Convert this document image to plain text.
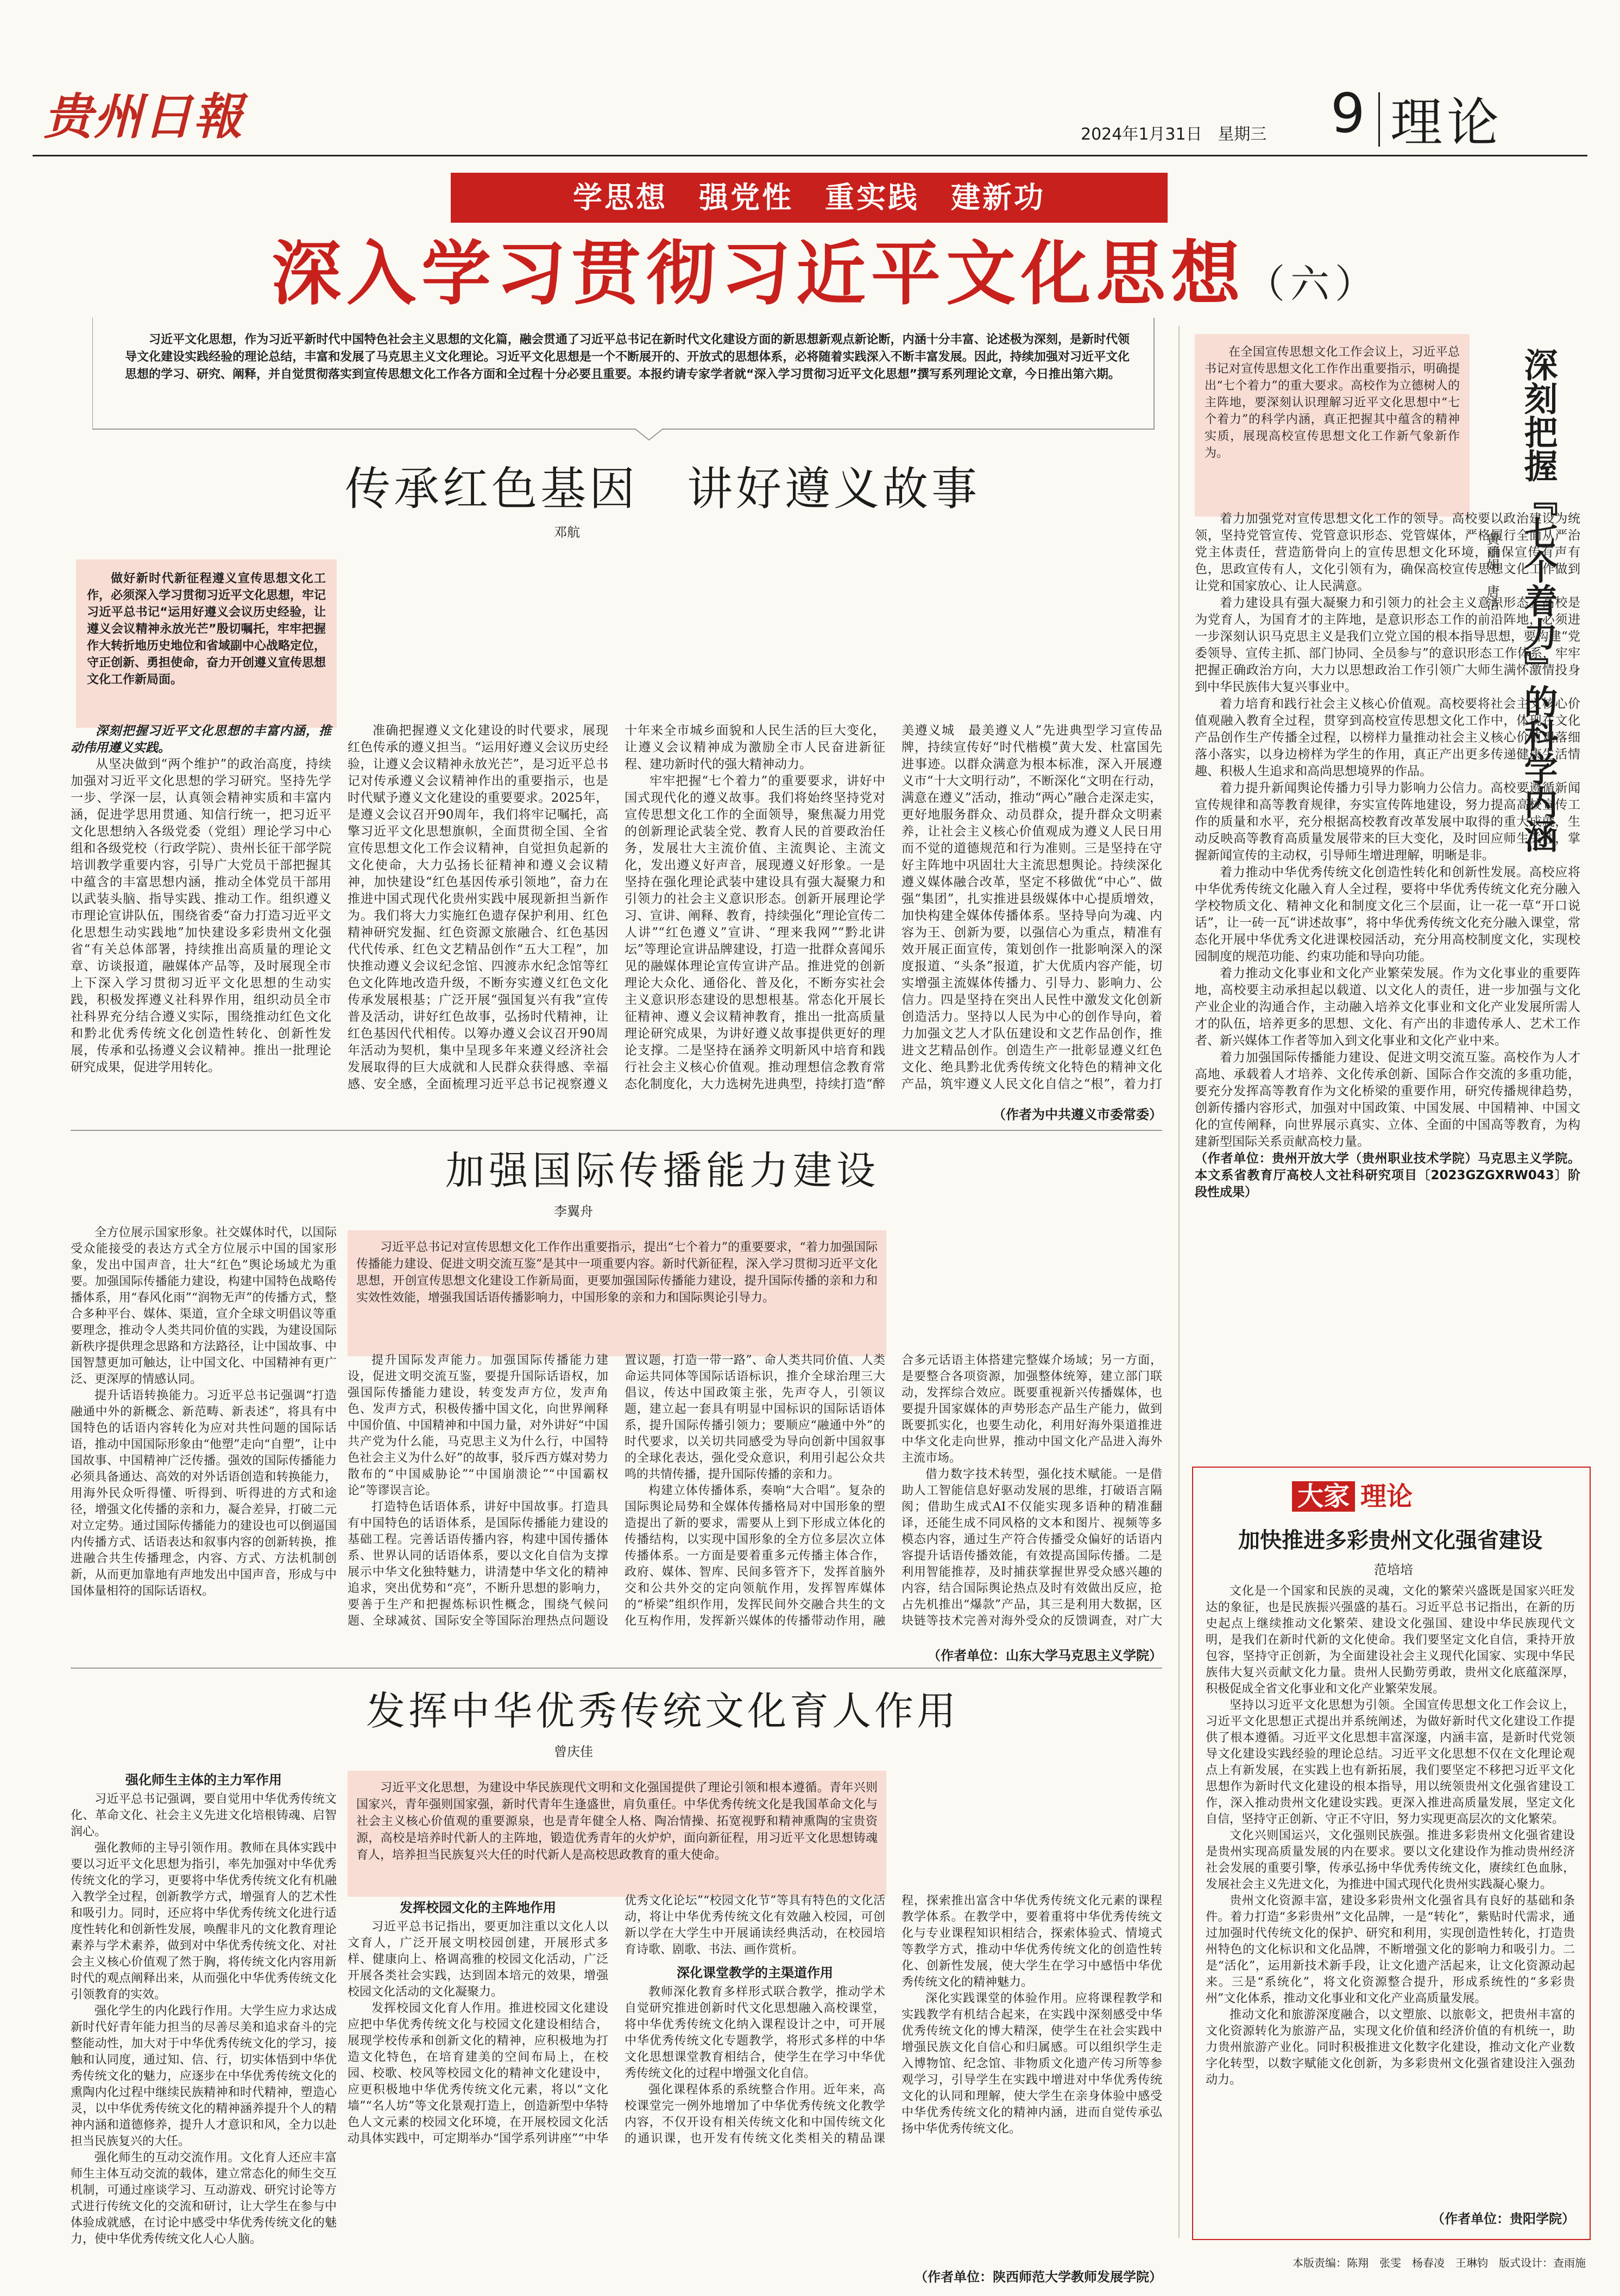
贵州日報	2024年1月31日 星期三 9 理论
学思想　强党性　重实践　建新功
深入学习贯彻习近平文化思想（六）

习近平文化思想，作为习近平新时代中国特色社会主义思想的文化篇，融会贯通了习近平总书记在新时代文化建设方面的新思想新观点新论断，内涵十分丰富、论述极为深刻，是新时代领导文化建设实践经验的理论总结，丰富和发展了马克思主义文化理论。习近平文化思想是一个不断展开的、开放式的思想体系，必将随着实践深入不断丰富发展。因此，持续加强对习近平文化思想的学习、研究、阐释，并自觉贯彻落实到宣传思想文化工作各方面和全过程十分必要且重要。本报约请专家学者就“深入学习贯彻习近平文化思想”撰写系列理论文章，今日推出第六期。

传承红色基因　讲好遵义故事
邓航

做好新时代新征程遵义宣传思想文化工作，必须深入学习贯彻习近平文化思想，牢记习近平总书记“运用好遵义会议历史经验，让遵义会议精神永放光芒”殷切嘱托，牢牢把握作大转折地历史地位和省域副中心战略定位，守正创新、勇担使命，奋力开创遵义宣传思想文化工作新局面。

深刻把握习近平文化思想的丰富内涵，推动伟用遵义实践。

从坚决做到“两个维护”的政治高度，持续加强对习近平文化思想的学习研究。坚持先学一步、学深一层，认真领会精神实质和丰富内涵，促进学思用贯通、知信行统一，把习近平文化思想纳入各级党委（党组）理论学习中心组和各级党校（行政学院）、贵州长征干部学院培训教学重要内容，引导广大党员干部把握其中蕴含的丰富思想内涵，推动全体党员干部用以武装头脑、指导实践、推动工作。组织遵义市理论宣讲队伍，围绕省委“奋力打造习近平文化思想生动实践地”加快建设多彩贵州文化强省“有关总体部署，持续推出高质量的理论文章、访谈报道，融媒体产品等，及时展现全市上下深入学习贯彻习近平文化思想的生动实践，积极发挥遵义社科界作用，组织动员全市社科界充分结合遵义实际，围绕推动红色文化和黔北优秀传统文化创造性转化、创新性发展，传承和弘扬遵义会议精神。推出一批理论研究成果，促进学用转化。

准确把握遵义文化建设的时代要求，展现红色传承的遵义担当。“运用好遵义会议历史经验，让遵义会议精神永放光芒”，是习近平总书记对传承遵义会议精神作出的重要指示，也是时代赋予遵义文化建设的重要要求。2025年，是遵义会议召开90周年，我们将牢记嘱托，高擎习近平文化思想旗帜，全面贯彻全国、全省宣传思想文化工作会议精神，自觉担负起新的文化使命，大力弘扬长征精神和遵义会议精神，加快建设“红色基因传承引领地”，奋力在推进中国式现代化贵州实践中展现新担当新作为。我们将大力实施红色遗存保护利用、红色精神研究发掘、红色资源文旅融合、红色基因代代传承、红色文艺精品创作“五大工程”，加快推动遵义会议纪念馆、四渡赤水纪念馆等红色文化阵地改造升级，不断夯实遵义红色文化传承发展根基；广泛开展“强国复兴有我”宣传普及活动，讲好红色故事，弘扬时代精神，让红色基因代代相传。以筹办遵义会议召开90周年活动为契机，集中呈现多年来遵义经济社会发展取得的巨大成就和人民群众获得感、幸福感、安全感，全面梳理习近平总书记视察遵义十年来全市城乡面貌和人民生活的巨大变化，让遵义会议精神成为激励全市人民奋进新征程、建功新时代的强大精神动力。

牢牢把握“七个着力”的重要要求，讲好中国式现代化的遵义故事。我们将始终坚持党对宣传思想文化工作的全面领导，聚焦凝力用党的创新理论武装全党、教育人民的首要政治任务，发展壮大主流价值、主流舆论、主流文化，发出遵义好声音，展现遵义好形象。一是坚持在强化理论武装中建设具有强大凝聚力和引领力的社会主义意识形态。创新开展理论学习、宣讲、阐释、教育，持续强化“理论宣传二人讲”“红色遵义”宣讲、“理来我网”“黔北讲坛”等理论宣讲品牌建设，打造一批群众喜闻乐见的融媒体理论宣传宣讲产品。推进党的创新理论大众化、通俗化、普及化，不断夯实社会主义意识形态建设的思想根基。常态化开展长征精神、遵义会议精神教育，推出一批高质量理论研究成果，为讲好遵义故事提供更好的理论支撑。二是坚持在涵养文明新风中培育和践行社会主义核心价值观。推动理想信念教育常态化制度化，大力选树先进典型，持续打造“醉美遵义城　最美遵义人”先进典型学习宣传品牌，持续宣传好“时代楷模”黄大发、杜富国先进事迹。以群众满意为根本标准，深入开展遵义市“十大文明行动”，不断深化“文明在行动，满意在遵义”活动，推动“两心”融合走深走实，更好地服务群众、动员群众，提升群众文明素养，让社会主义核心价值观成为遵义人民日用而不觉的道德规范和行为准则。三是坚持在守好主阵地中巩固壮大主流思想舆论。持续深化遵义媒体融合改革，坚定不移做优“中心”、做强“集团”，扎实推进县级媒体中心提质增效，加快构建全媒体传播体系。坚持导向为魂、内容为王、创新为要，以强信心为重点，精准有效开展正面宣传，策划创作一批影响深入的深度报道、“头条”报道，扩大优质内容产能，切实增强主流媒体传播力、引导力、影响力、公信力。四是坚持在突出人民性中激发文化创新创造活力。坚持以人民为中心的创作导向，着力加强文艺人才队伍建设和文艺作品创作，推进文艺精品创作。创造生产一批彰显遵义红色文化、绝具黔北优秀传统文化特色的精神文化产品，筑牢遵义人民文化自信之“根”，着力打

（作者为中共遵义市委常委）
加强国际传播能力建设
李翼舟

习近平总书记对宣传思想文化工作作出重要指示，提出“七个着力”的重要要求，“着力加强国际传播能力建设、促进文明交流互鉴”是其中一项重要内容。新时代新征程，深入学习贯彻习近平文化思想，开创宣传思想文化建设工作新局面，更要加强国际传播能力建设，提升国际传播的亲和力和实效性效能，增强我国话语传播影响力，中国形象的亲和力和国际舆论引导力。

全方位展示国家形象。社交媒体时代，以国际受众能接受的表达方式全方位展示中国的国家形象，发出中国声音，壮大“红色”舆论场域尤为重要。加强国际传播能力建设，构建中国特色战略传播体系，用“春风化雨”“润物无声”的传播方式，整合多种平台、媒体、渠道，宣介全球文明倡议等重要理念，推动令人类共同价值的实践，为建设国际新秩序提供理念思路和方法路径，让中国故事、中国智慧更加可触达，让中国文化、中国精神有更广泛、更深厚的情感认同。

提升话语转换能力。习近平总书记强调“打造融通中外的新概念、新范畴、新表述”，将具有中国特色的话语内容转化为应对共性问题的国际话语，推动中国国际形象由“他塑”走向“自塑”，让中国故事、中国精神广泛传播。强效的国际传播能力必须具备通达、高效的对外话语创造和转换能力，用海外民众听得懂、听得到、听得进的方式和途径，增强文化传播的亲和力，凝合差异，打破二元对立定势。通过国际传播能力的建设也可以倒逼国内传播方式、话语表达和叙事内容的创新转换，推进融合共生传播理念，内容、方式、方法机制创新，从而更加靠地有声地发出中国声音，形成与中国体量相符的国际话语权。

提升国际发声能力。加强国际传播能力建设，促进文明交流互鉴，要提升国际话语权，加强国际传播能力建设，转变发声方位，发声角色、发声方式，积极传播中国文化，向世界阐释中国价值、中国精神和中国力量，对外讲好“中国共产党为什么能，马克思主义为什么行，中国特色社会主义为什么好”的故事，驳斥西方媒对势力散布的“中国威胁论”“中国崩溃论”“中国霸权论”等谬误言论。

打造特色话语体系，讲好中国故事。打造具有中国特色的话语体系，是国际传播能力建设的基础工程。完善话语传播内容，构建中国传播体系、世界认同的话语体系，要以文化自信为支撑展示中华文化独特魅力，讲清楚中华文化的精神追求，突出优势和“亮”，不断升思想的影响力，要善于生产和把握炼标识性概念，围绕气候问题、全球减贫、国际安全等国际治理热点问题设置议题，打造一带一路”、命人类共同价值、人类命运共同体等国际话语标识，推介全球治理三大倡议，传达中国政策主张，先声夺人，引领议题，建立起一套具有明显中国标识的国际话语体系，提升国际传播引领力；要顺应“融通中外”的时代要求，以关切共同感受为导向创新中国叙事的全球化表达，强化受众意识，利用引起公众共鸣的共情传播，提升国际传播的亲和力。

构建立体传播体系，奏响“大合唱”。复杂的国际舆论局势和全媒体传播格局对中国形象的塑造提出了新的要求，需要从上到下形成立体化的传播结构，以实现中国形象的全方位多层次立体传播体系。一方面是要着重多元传播主体合作，政府、媒体、智库、民间多管齐下，发挥首脑外交和公共外交的定向领航作用，发挥智库媒体的“桥梁”组织作用，发挥民间外交融合共生的文化互构作用，发挥新兴媒体的传播带动作用，融合多元话语主体搭建完整媒介场域；另一方面，是要整合各项资源，加强整体统筹，建立部门联动，发挥综合效应。既要重视新兴传播媒体，也要提升国家媒体的声势形态产品生产能力，做到既要抓实化，也要生动化，利用好海外渠道推进中华文化走向世界，推动中国文化产品进入海外主流市场。

借力数字技术转型，强化技术赋能。一是借助人工智能信息好驱动发展的思维，打破语言隔阂；借助生成式AI不仅能实现多语种的精准翻译，还能生成不同风格的文本和图片、视频等多模态内容，通过生产符合传播受众偏好的话语内容提升话语传播效能，有效提高国际传播。二是利用智能推荐，及时捕获掌握世界受众感兴趣的内容，结合国际舆论热点及时有效做出反应，抢占先机推出“爆款”产品，其三是利用大数据，区块链等技术完善对海外受众的反馈调查，对广大

（作者单位：山东大学马克思主义学院）
发挥中华优秀传统文化育人作用
曾庆佳

习近平文化思想，为建设中华民族现代文明和文化强国提供了理论引领和根本遵循。青年兴则国家兴，青年强则国家强，新时代青年生逢盛世，肩负重任。中华优秀传统文化是我国革命文化与社会主义核心价值观的重要源泉，也是青年健全人格、陶冶情操、拓宽视野和精神熏陶的宝贵资源，高校是培养时代新人的主阵地，锻造优秀青年的火炉炉，面向新征程，用习近平文化思想铸魂育人，培养担当民族复兴大任的时代新人是高校思政教育的重大使命。

强化师生主体的主力军作用

习近平总书记强调，要自觉用中华优秀传统文化、革命文化、社会主义先进文化培根铸魂、启智润心。

强化教师的主导引领作用。教师在具体实践中要以习近平文化思想为指引，率先加强对中华优秀传统文化的学习，更要将中华优秀传统文化有机融入教学全过程，创新教学方式，增强育人的艺术性和吸引力。同时，还应将中华优秀传统文化进行适度性转化和创新性发展，唤醒非凡的文化教育理论素养与学术素养，做到对中华优秀传统文化、对社会主义核心价值观了然于胸，将传统文化内容用新时代的观点阐释出来，从而强化中华优秀传统文化引领教育的实效。

强化学生的内化践行作用。大学生应力求达成新时代好青年能力担当的尽善尽美和追求奋斗的完整能动性，加大对于中华优秀传统文化的学习，接触和认同度，通过知、信、行，切实体悟到中华优秀传统文化的魅力，应逐步在中华优秀传统文化的熏陶内化过程中继续民族精神和时代精神，塑造心灵，以中华优秀传统文化的精神涵养提升个人的精神内涵和道德修养，提升人才意识和风，全力以赴担当民族复兴的大任。

强化师生的互动交流作用。文化育人还应丰富师生主体互动交流的载体，建立常态化的师生交互机制，可通过座谈学习、互动游戏、研究讨论等方式进行传统文化的交流和研讨，让大学生在参与中体验成就感，在讨论中感受中华优秀传统文化的魅力，使中华优秀传统文化人心人脑。

发挥校园文化的主阵地作用

习近平总书记指出，要更加注重以文化人以文育人，广泛开展文明校园创建，开展形式多样、健康向上、格调高雅的校园文化活动，广泛开展各类社会实践，达到固本培元的效果，增强校园文化活动的文化凝聚力。

发挥校园文化育人作用。推进校园文化建设应把中华优秀传统文化与校园文化建设相结合，展现学校传承和创新文化的精神，应积极地为打造文化特色，在培育建美的空间布局上，在校园、校歌、校风等校园文化的精神文化建设中，应更积极地中华优秀传统文化元素，将以“文化墙”“名人坊”等文化景观打造上，创造新型中华特色人文元素的校园文化环境，在开展校园文化活动具体实践中，可定期举办“国学系列讲座”“中华优秀文化论坛”“校园文化节”等具有特色的文化活动，将让中华优秀传统文化有效融入校园，可创新以学在大学生中开展诵读经典活动，在校园培育诗歌、剧歌、书法、画作赏析。

深化课堂教学的主渠道作用

教师深化教育多样形式联合教学，推动学术自觉研究推进创新时代文化思想融入高校课堂，将中华优秀传统文化纳入课程设计之中，可开展中华优秀传统文化专题教学，将形式多样的中华文化思想课堂教育相结合，使学生在学习中华优秀传统文化的过程中增强文化自信。

强化课程体系的系统整合作用。近年来，高校课堂完一例外地增加了中华优秀传统文化教学内容，不仅开设有相关传统文化和中国传统文化的通识课，也开发有传统文化类相关的精品课程，探索推出富含中华优秀传统文化元素的课程教学体系。在教学中，要着重将中华优秀传统文化与专业课程知识相结合，探索体验式、情境式等教学方式，推动中华优秀传统文化的创造性转化、创新性发展，使大学生在学习中感悟中华优秀传统文化的精神魅力。

深化实践课堂的体验作用。应将课程教学和实践教学有机结合起来，在实践中深刻感受中华优秀传统文化的博大精深，使学生在社会实践中增强民族文化自信心和归属感。可以组织学生走入博物馆、纪念馆、非物质文化遗产传习所等参观学习，引导学生在实践中增进对中华优秀传统文化的认同和理解，使大学生在亲身体验中感受中华优秀传统文化的精神内涵，进而自觉传承弘扬中华优秀传统文化。

（作者单位：陕西师范大学教师发展学院）

在全国宣传思想文化工作会议上，习近平总书记对宣传思想文化工作作出重要指示，明确提出“七个着力”的重大要求。高校作为立德树人的主阵地，要深刻认识理解习近平文化思想中“七个着力”的科学内涵，真正把握其中蕴含的精神实质，展现高校宣传思想文化工作新气象新作为。	深刻把握『七个着力』的科学内涵
黄丽娟　唐洁

着力加强党对宣传思想文化工作的领导。高校要以政治建设为统领，坚持党管宣传、党管意识形态、党管媒体，严格履行全面从严治党主体责任，营造筋骨向上的宣传思想文化环境，确保宣传有声有色，思政宣传有人，文化引领有为，确保高校宣传思想文化工作做到让党和国家放心、让人民满意。

着力建设具有强大凝聚力和引领力的社会主义意识形态。高校是为党育人，为国育才的主阵地，是意识形态工作的前沿阵地，必须进一步深刻认识马克思主义是我们立党立国的根本指导思想，要构建“党委领导、宣传主抓、部门协同、全员参与”的意识形态工作体系，牢牢把握正确政治方向，大力以思想政治工作引领广大师生满怀激情投身到中华民族伟大复兴事业中。

着力培育和践行社会主义核心价值观。高校要将社会主义核心价值观融入教育全过程，贯穿到高校宣传思想文化工作中，体现在文化产品创作生产传播全过程，以榜样力量推动社会主义核心价值观落细落小落实，以身边榜样为学生的作用，真正产出更多传递健康生活情趣、积极人生追求和高尚思想境界的作品。

着力提升新闻舆论传播力引导力影响力公信力。高校要遵循新闻宣传规律和高等教育规律，夯实宣传阵地建设，努力提高高校宣传工作的质量和水平，充分根据高校教育改革发展中取得的重大成就，生动反映高等教育高质量发展带来的巨大变化，及时回应师生关注，掌握新闻宣传的主动权，引导师生增进理解，明晰是非。

着力推动中华优秀传统文化创造性转化和创新性发展。高校应将中华优秀传统文化融入育人全过程，要将中华优秀传统文化充分融入学校物质文化、精神文化和制度文化三个层面，让一花一草“开口说话”，让一砖一瓦“讲述故事”，将中华优秀传统文化充分融入课堂，常态化开展中华优秀文化进课校园活动，充分用高校制度文化，实现校园制度的规范功能、约束功能和导向功能。

着力推动文化事业和文化产业繁荣发展。作为文化事业的重要阵地，高校要主动承担起以载道、以文化人的责任，进一步加强与文化产业企业的沟通合作，主动融入培养文化事业和文化产业发展所需人才的队伍，培养更多的思想、文化、有产出的非遗传承人、艺术工作者、新兴媒体工作者等加入到文化事业和文化产业中来。

着力加强国际传播能力建设、促进文明交流互鉴。高校作为人才高地、承载着人才培养、文化传承创新、国际合作交流的多重功能，要充分发挥高等教育作为文化桥梁的重要作用，研究传播规律趋势，创新传播内容形式，加强对中国政策、中国发展、中国精神、中国文化的宣传阐释，向世界展示真实、立体、全面的中国高等教育，为构建新型国际关系贡献高校力量。

（作者单位：贵州开放大学（贵州职业技术学院）马克思主义学院。本文系省教育厅高校人文社科研究项目〔2023GZGXRW043〕阶段性成果）

大家 理论
加快推进多彩贵州文化强省建设
范培培

文化是一个国家和民族的灵魂，文化的繁荣兴盛既是国家兴旺发达的象征，也是民族振兴强盛的基石。习近平总书记指出，在新的历史起点上继续推动文化繁荣、建设文化强国、建设中华民族现代文明，是我们在新时代新的文化使命。我们要坚定文化自信，秉持开放包容，坚持守正创新，为全面建设社会主义现代化国家、实现中华民族伟大复兴贡献文化力量。贵州人民勤劳勇敢，贵州文化底蕴深厚，积极促成全省文化事业和文化产业繁荣发展。

坚持以习近平文化思想为引领。全国宣传思想文化工作会议上，习近平文化思想正式提出并系统阐述，为做好新时代文化建设工作提供了根本遵循。习近平文化思想丰富深邃，内涵丰富，是新时代党领导文化建设实践经验的理论总结。习近平文化思想不仅在文化理论观点上有新发展，在实践上也有新拓展，我们要坚定不移把习近平文化思想作为新时代文化建设的根本指导，用以统领贵州文化强省建设工作，深入推动贵州文化建设实践。更深入推进高质量发展，坚定文化自信，坚持守正创新、守正不守旧，努力实现更高层次的文化繁荣。

文化兴则国运兴，文化强则民族强。推进多彩贵州文化强省建设是贵州实现高质量发展的内在要求。要以文化建设作为推动贵州经济社会发展的重要引擎，传承弘扬中华优秀传统文化，赓续红色血脉，发展社会主义先进文化，为推进中国式现代化贵州实践凝心聚力。

贵州文化资源丰富，建设多彩贵州文化强省具有良好的基础和条件。着力打造“多彩贵州”文化品牌，一是“转化”，紫贴时代需求，通过加强时代传统文化的保护、研究和利用，实现创造性转化，打造贵州特色的文化标识和文化品牌，不断增强文化的影响力和吸引力。二是“活化”，运用新技术新手段，让文化遗产活起来，让文化资源动起来。三是“系统化”，将文化资源整合提升，形成系统性的“多彩贵州”文化体系，推动文化事业和文化产业高质量发展。

推动文化和旅游深度融合，以文塑旅、以旅彰文，把贵州丰富的文化资源转化为旅游产品，实现文化价值和经济价值的有机统一，助力贵州旅游产业化。同时积极推进文化数字化建设，推动文化产业数字化转型，以数字赋能文化创新，为多彩贵州文化强省建设注入强劲动力。

（作者单位：贵阳学院）
本版责编：陈翔　张雯　杨春凌　王琳钧　版式设计：查雨施
